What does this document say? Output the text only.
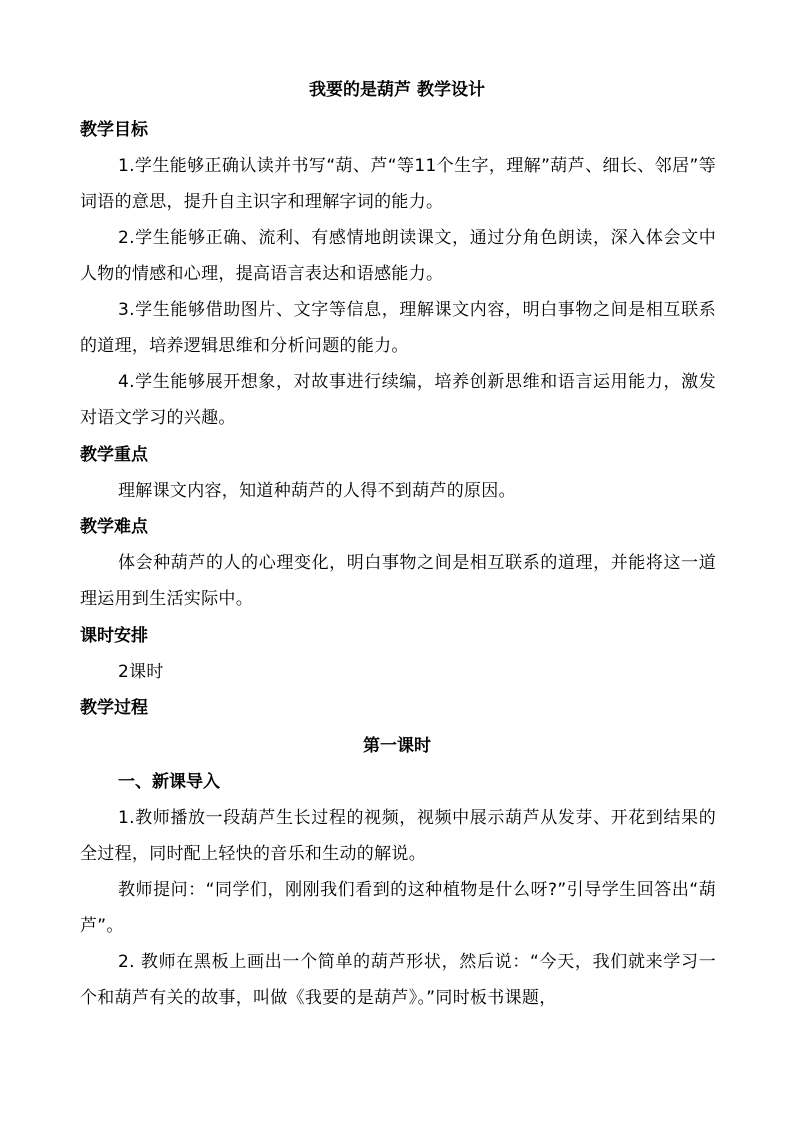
我要的是葫芦 教学设计
教学目标
1.学生能够正确认读并书写“葫、芦“等11个生字，理解”葫芦、细长、邻居”等词语的意思，提升自主识字和理解字词的能力。
2.学生能够正确、流利、有感情地朗读课文，通过分角色朗读，深入体会文中人物的情感和心理，提高语言表达和语感能力。
3.学生能够借助图片、文字等信息，理解课文内容，明白事物之间是相互联系的道理，培养逻辑思维和分析问题的能力。
4.学生能够展开想象，对故事进行续编，培养创新思维和语言运用能力，激发对语文学习的兴趣。
教学重点
理解课文内容，知道种葫芦的人得不到葫芦的原因。
教学难点
体会种葫芦的人的心理变化，明白事物之间是相互联系的道理，并能将这一道理运用到生活实际中。
课时安排
2课时
教学过程
第一课时
一、新课导入
1.教师播放一段葫芦生长过程的视频，视频中展示葫芦从发芽、开花到结果的全过程，同时配上轻快的音乐和生动的解说。
教师提问：“同学们，刚刚我们看到的这种植物是什么呀?”引导学生回答出“葫芦”。
2. 教师在黑板上画出一个简单的葫芦形状，然后说：“今天，我们就来学习一个和葫芦有关的故事，叫做《我要的是葫芦》。”同时板书课题，
